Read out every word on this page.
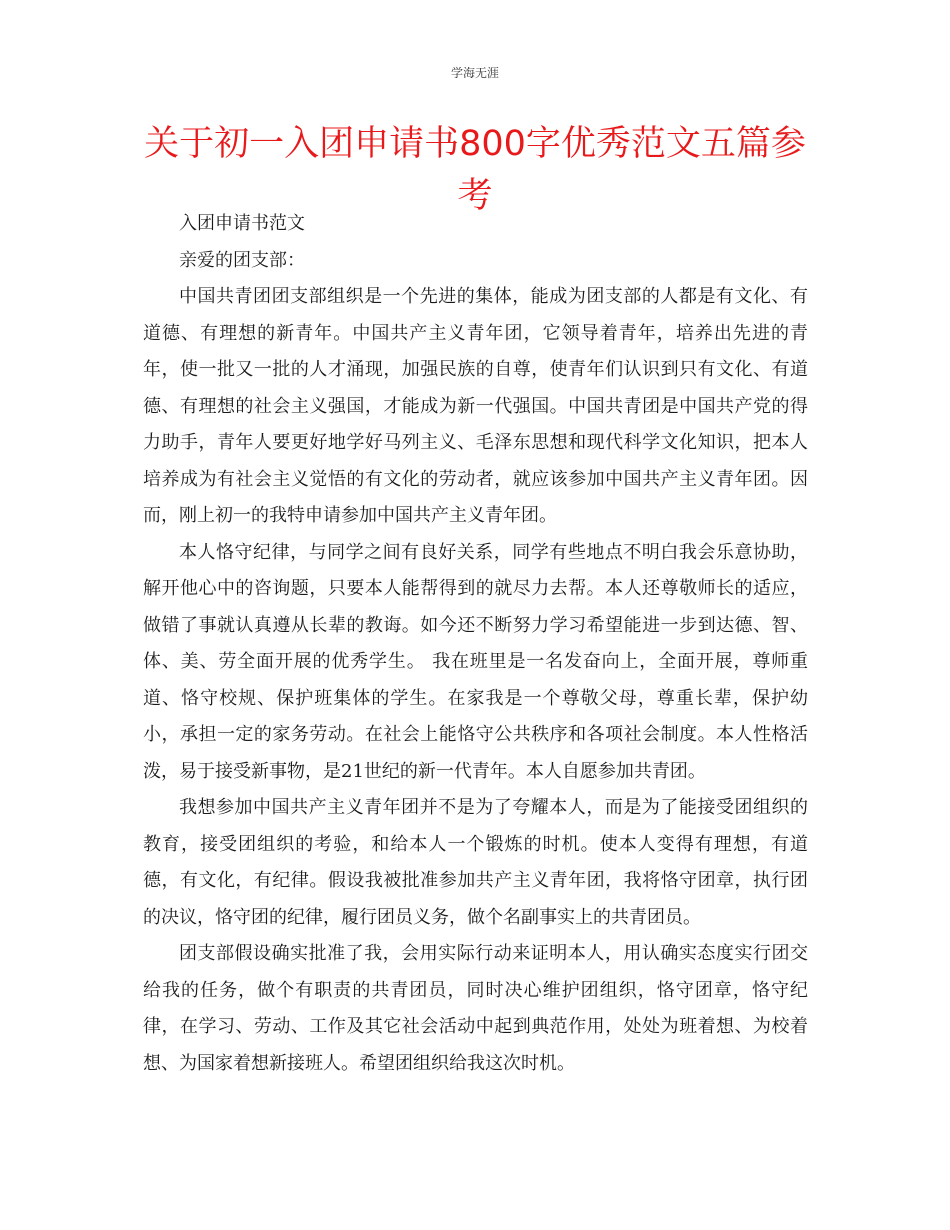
学海无涯
关于初一入团申请书800字优秀范文五篇参考

入团申请书范文

亲爱的团支部：

中国共青团团支部组织是一个先进的集体，能成为团支部的人都是有文化、有道德、有理想的新青年。中国共产主义青年团，它领导着青年，培养出先进的青年，使一批又一批的人才涌现，加强民族的自尊，使青年们认识到只有文化、有道德、有理想的社会主义强国，才能成为新一代强国。中国共青团是中国共产党的得力助手，青年人要更好地学好马列主义、毛泽东思想和现代科学文化知识，把本人培养成为有社会主义觉悟的有文化的劳动者，就应该参加中国共产主义青年团。因而，刚上初一的我特申请参加中国共产主义青年团。

本人恪守纪律，与同学之间有良好关系，同学有些地点不明白我会乐意协助，解开他心中的咨询题，只要本人能帮得到的就尽力去帮。本人还尊敬师长的适应，做错了事就认真遵从长辈的教诲。如今还不断努力学习希望能进一步到达德、智、体、美、劳全面开展的优秀学生。 我在班里是一名发奋向上，全面开展，尊师重道、恪守校规、保护班集体的学生。在家我是一个尊敬父母，尊重长辈，保护幼小，承担一定的家务劳动。在社会上能恪守公共秩序和各项社会制度。本人性格活泼，易于接受新事物，是21世纪的新一代青年。本人自愿参加共青团。

我想参加中国共产主义青年团并不是为了夸耀本人，而是为了能接受团组织的教育，接受团组织的考验，和给本人一个锻炼的时机。使本人变得有理想，有道德，有文化，有纪律。假设我被批准参加共产主义青年团，我将恪守团章，执行团的决议，恪守团的纪律，履行团员义务，做个名副事实上的共青团员。

团支部假设确实批准了我，会用实际行动来证明本人，用认确实态度实行团交给我的任务，做个有职责的共青团员，同时决心维护团组织，恪守团章，恪守纪律，在学习、劳动、工作及其它社会活动中起到典范作用，处处为班着想、为校着想、为国家着想新接班人。希望团组织给我这次时机。
